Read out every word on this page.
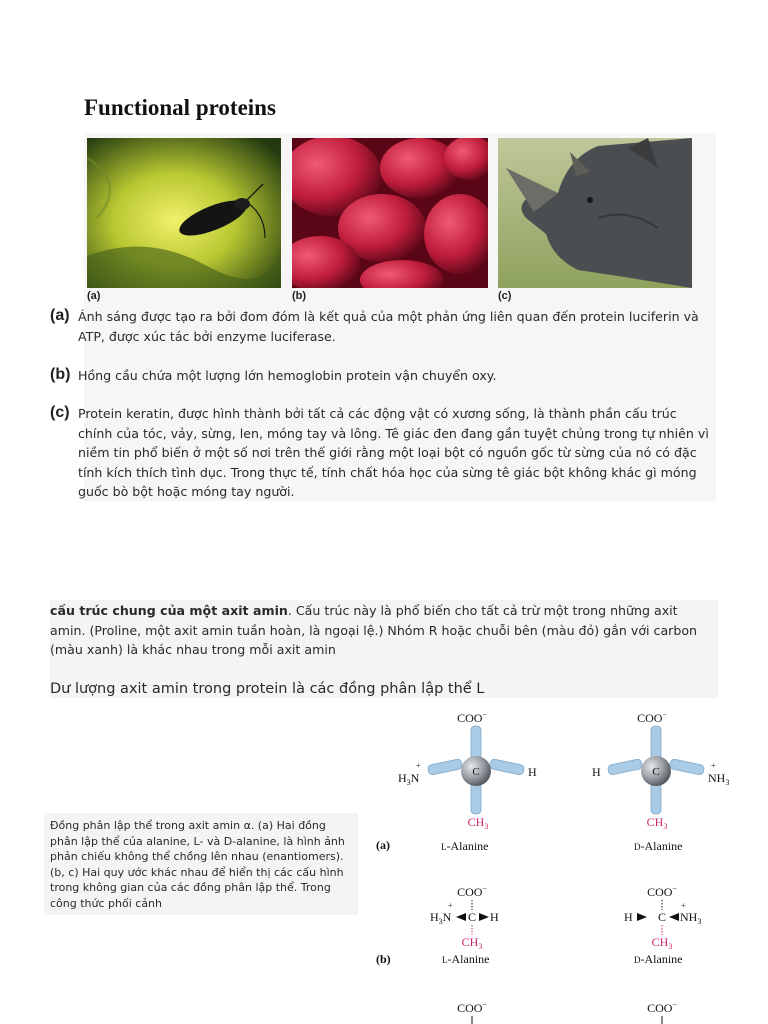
Functional proteins
(a)	(b)	(c)
(a) Ánh sáng được tạo ra bởi đom đóm là kết quả của một phản ứng liên quan đến protein luciferin và ATP, được xúc tác bởi enzyme luciferase.
(b) Hồng cầu chứa một lượng lớn hemoglobin protein vận chuyển oxy.
(c) Protein keratin, được hình thành bởi tất cả các động vật có xương sống, là thành phần cấu trúc chính của tóc, vảy, sừng, len, móng tay và lông. Tê giác đen đang gần tuyệt chủng trong tự nhiên vì niềm tin phổ biến ở một số nơi trên thế giới rằng một loại bột có nguồn gốc từ sừng của nó có đặc tính kích thích tình dục. Trong thực tế, tính chất hóa học của sừng tê giác bột không khác gì móng guốc bò bột hoặc móng tay người.
cấu trúc chung của một axit amin. Cấu trúc này là phổ biến cho tất cả trừ một trong những axit amin. (Proline, một axit amin tuần hoàn, là ngoại lệ.) Nhóm R hoặc chuỗi bên (màu đỏ) gắn với carbon (màu xanh) là khác nhau trong mỗi axit amin
Dư lượng axit amin trong protein là các đồng phân lập thể L
Đồng phân lập thể trong axit amin α. (a) Hai đồng phân lập thể của alanine, L- và D-alanine, là hình ảnh phản chiếu không thể chồng lên nhau (enantiomers). (b, c) Hai quy ước khác nhau để hiển thị các cấu hình trong không gian của các đồng phân lập thể. Trong công thức phối cảnh
C
COO−
$H_3N$
+	H
$CH_3$
C
COO−
H	$NH_3$
+
$CH_3$
(a)	L-Alanine	D-Alanine
COO−
$H_3N$
+
C H
$CH_3$
COO−
H C $NH_3$
+
$CH_3$
(b)	L-Alanine	D-Alanine
COO−	COO−
